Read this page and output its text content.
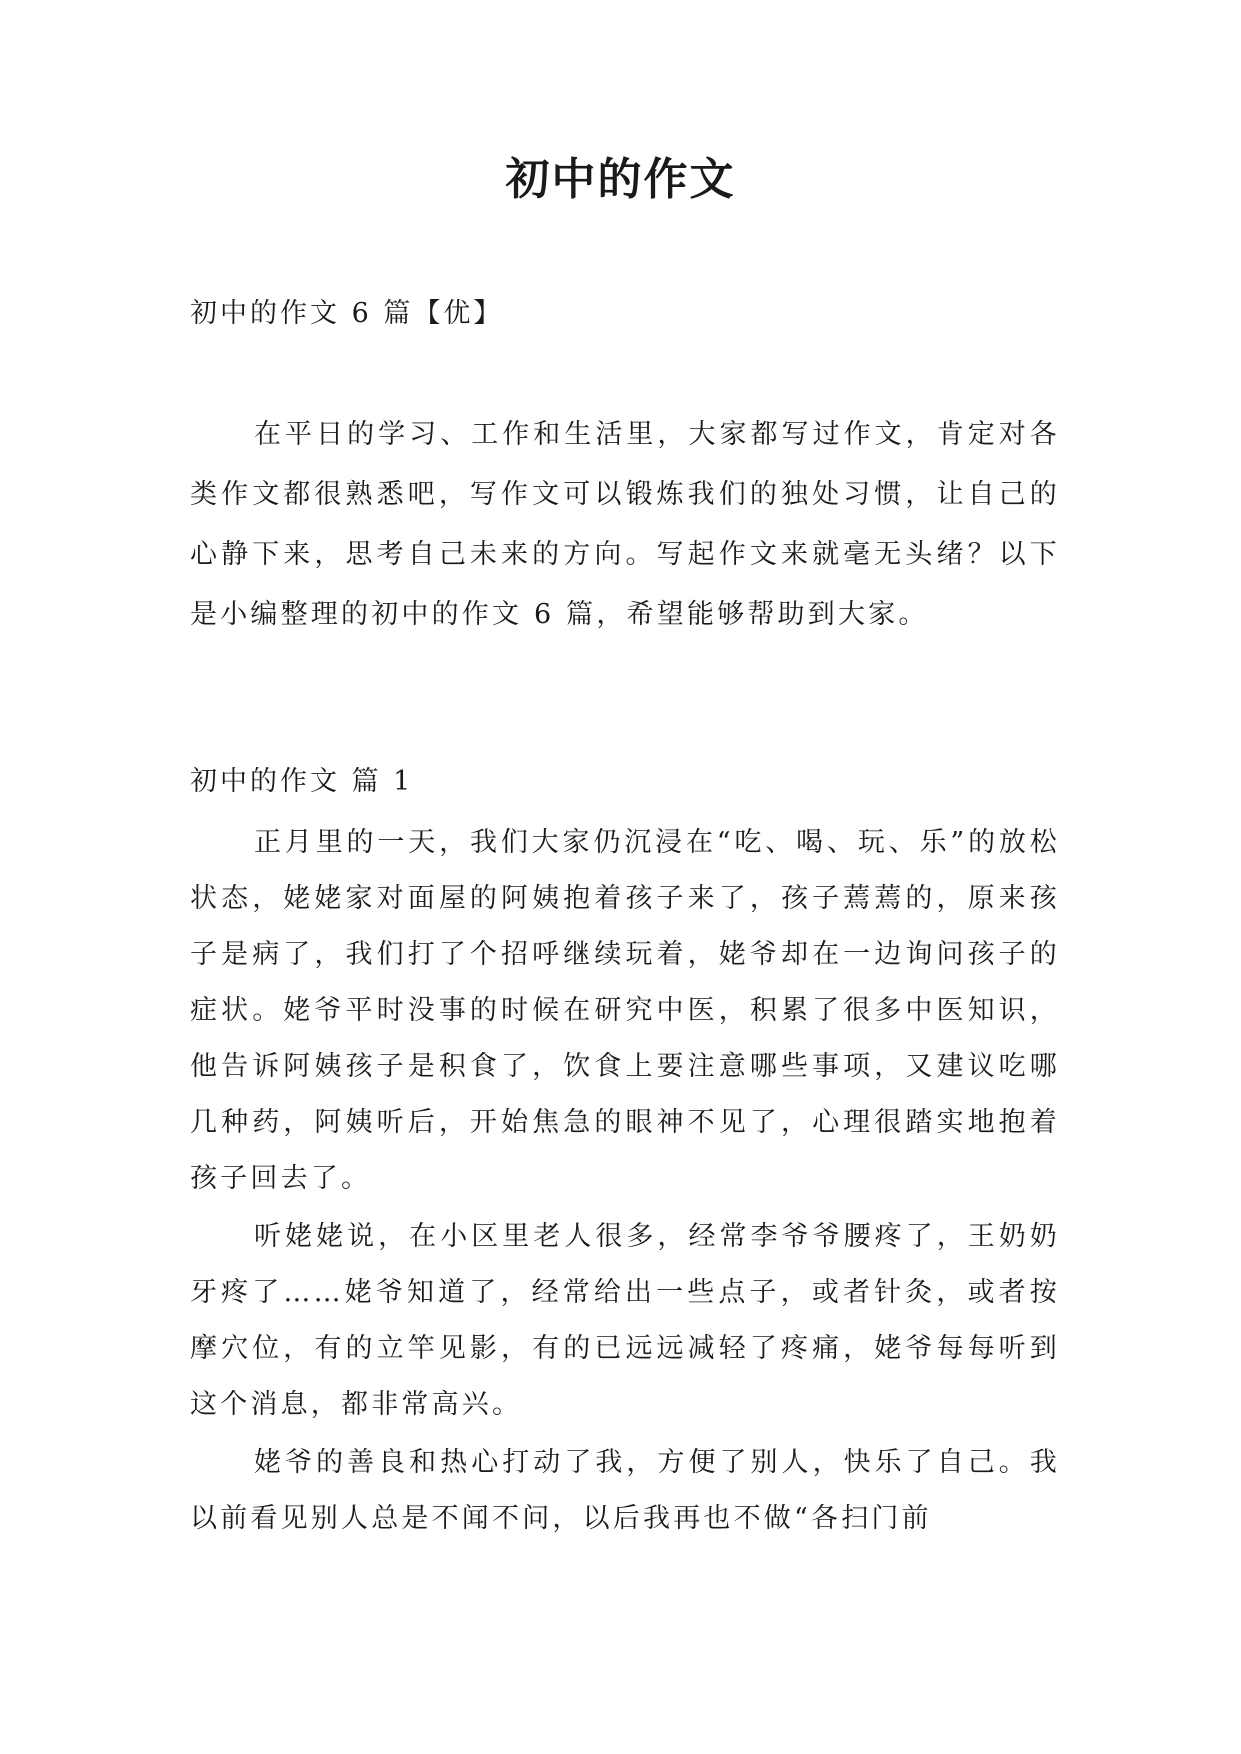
初中的作文
初中的作文 6 篇【优】

在平日的学习、工作和生活里，大家都写过作文，肯定对各类作文都很熟悉吧，写作文可以锻炼我们的独处习惯，让自己的心静下来，思考自己未来的方向。写起作文来就毫无头绪？以下是小编整理的初中的作文 6 篇，希望能够帮助到大家。

初中的作文 篇 1

正月里的一天，我们大家仍沉浸在“吃、喝、玩、乐”的放松状态，姥姥家对面屋的阿姨抱着孩子来了，孩子蔫蔫的，原来孩子是病了，我们打了个招呼继续玩着，姥爷却在一边询问孩子的症状。姥爷平时没事的时候在研究中医，积累了很多中医知识，他告诉阿姨孩子是积食了，饮食上要注意哪些事项，又建议吃哪几种药，阿姨听后，开始焦急的眼神不见了，心理很踏实地抱着孩子回去了。

听姥姥说，在小区里老人很多，经常李爷爷腰疼了，王奶奶牙疼了……姥爷知道了，经常给出一些点子，或者针灸，或者按摩穴位，有的立竿见影，有的已远远减轻了疼痛，姥爷每每听到这个消息，都非常高兴。

姥爷的善良和热心打动了我，方便了别人，快乐了自己。我以前看见别人总是不闻不问，以后我再也不做“各扫门前
